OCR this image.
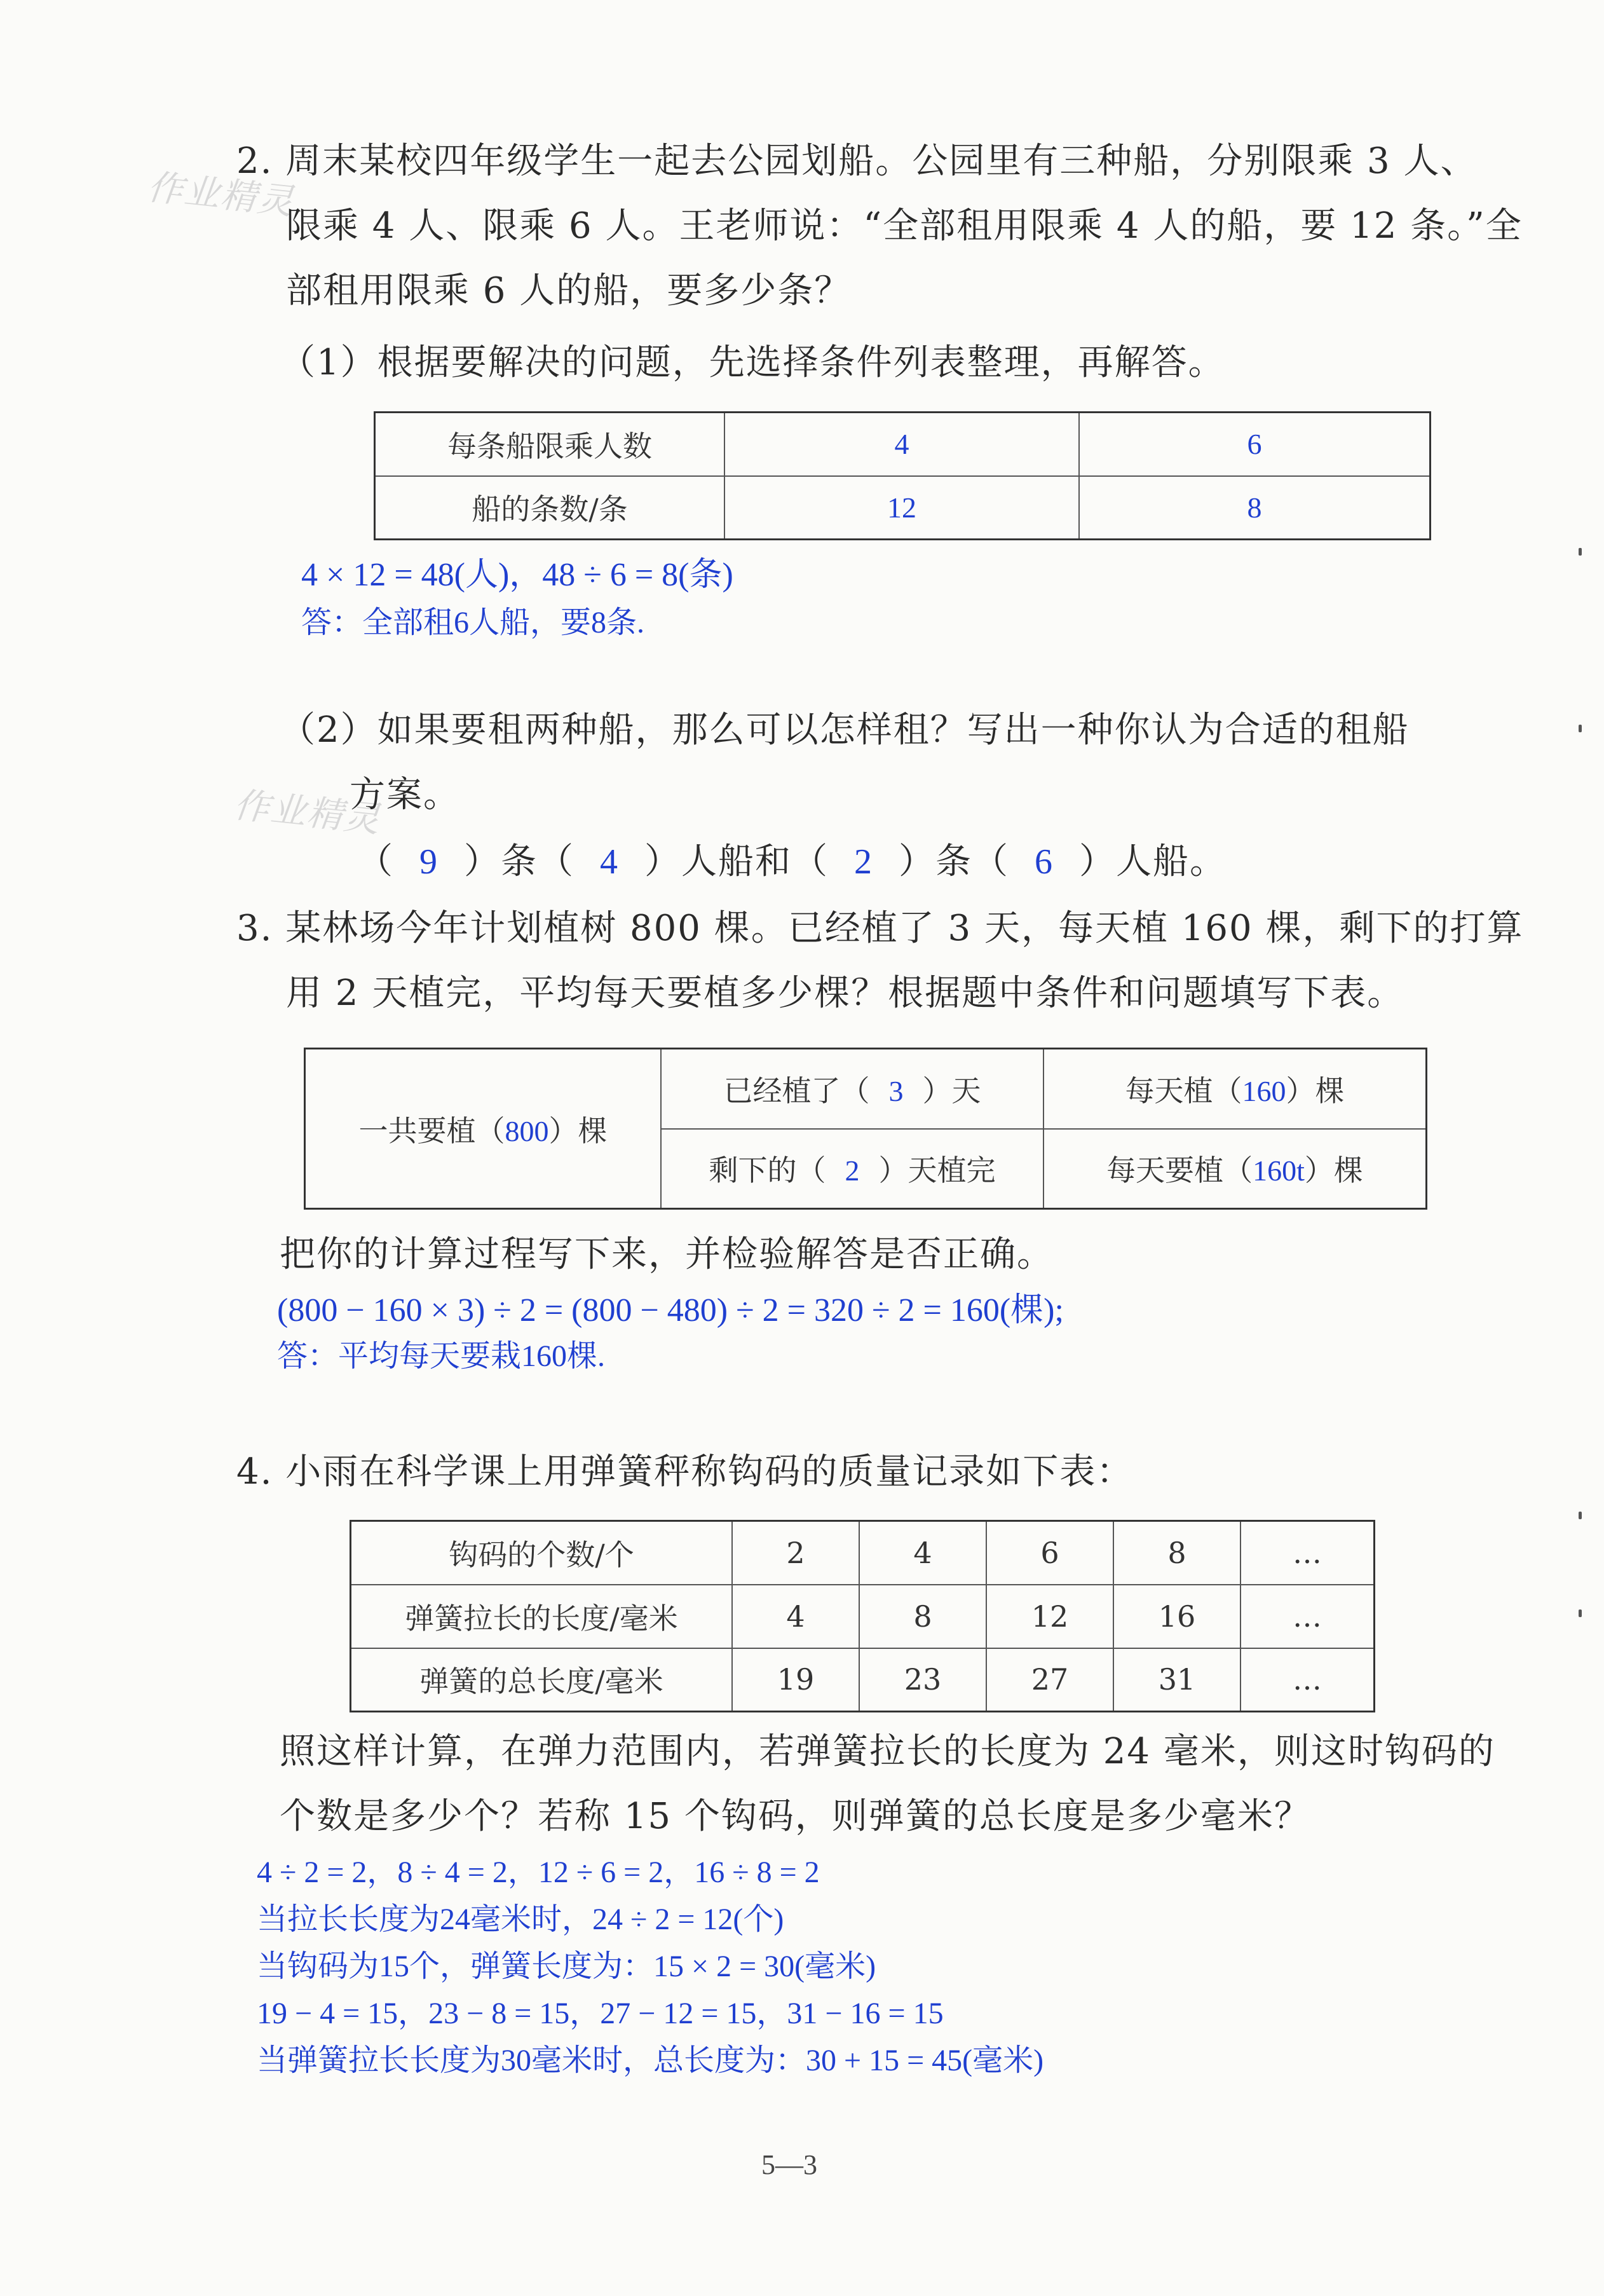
作业精灵
作业精灵
2. 周末某校四年级学生一起去公园划船。公园里有三种船，分别限乘 3 人、
限乘 4 人、限乘 6 人。王老师说：“全部租用限乘 4 人的船，要 12 条。”全
部租用限乘 6 人的船，要多少条？
（1）根据要解决的问题，先选择条件列表整理，再解答。
每条船限乘人数	4	6
船的条数/条	12	8
4 × 12 = 48(人)，48 ÷ 6 = 8(条)
答：全部租6人船，要8条.
（2）如果要租两种船，那么可以怎样租？写出一种你认为合适的租船
方案。
（ 9 ）条（ 4 ）人船和（ 2 ）条（ 6 ）人船。
3. 某林场今年计划植树 800 棵。已经植了 3 天，每天植 160 棵，剩下的打算
用 2 天植完，平均每天要植多少棵？根据题中条件和问题填写下表。
一共要植（800）棵	已经植了（ 3 ）天	每天植（160）棵
	剩下的（ 2 ）天植完	每天要植（160t）棵
把你的计算过程写下来，并检验解答是否正确。
(800 − 160 × 3) ÷ 2 = (800 − 480) ÷ 2 = 320 ÷ 2 = 160(棵);
答：平均每天要栽160棵.
4. 小雨在科学课上用弹簧秤称钩码的质量记录如下表：
钩码的个数/个	2	4	6	8	…
弹簧拉长的长度/毫米	4	8	12	16	…
弹簧的总长度/毫米	19	23	27	31	…
照这样计算，在弹力范围内，若弹簧拉长的长度为 24 毫米，则这时钩码的
个数是多少个？若称 15 个钩码，则弹簧的总长度是多少毫米？
4 ÷ 2 = 2，8 ÷ 4 = 2，12 ÷ 6 = 2，16 ÷ 8 = 2
当拉长长度为24毫米时，24 ÷ 2 = 12(个)
当钩码为15个，弹簧长度为：15 × 2 = 30(毫米)
19 − 4 = 15，23 − 8 = 15，27 − 12 = 15，31 − 16 = 15
当弹簧拉长长度为30毫米时，总长度为：30 + 15 = 45(毫米)
5—3
